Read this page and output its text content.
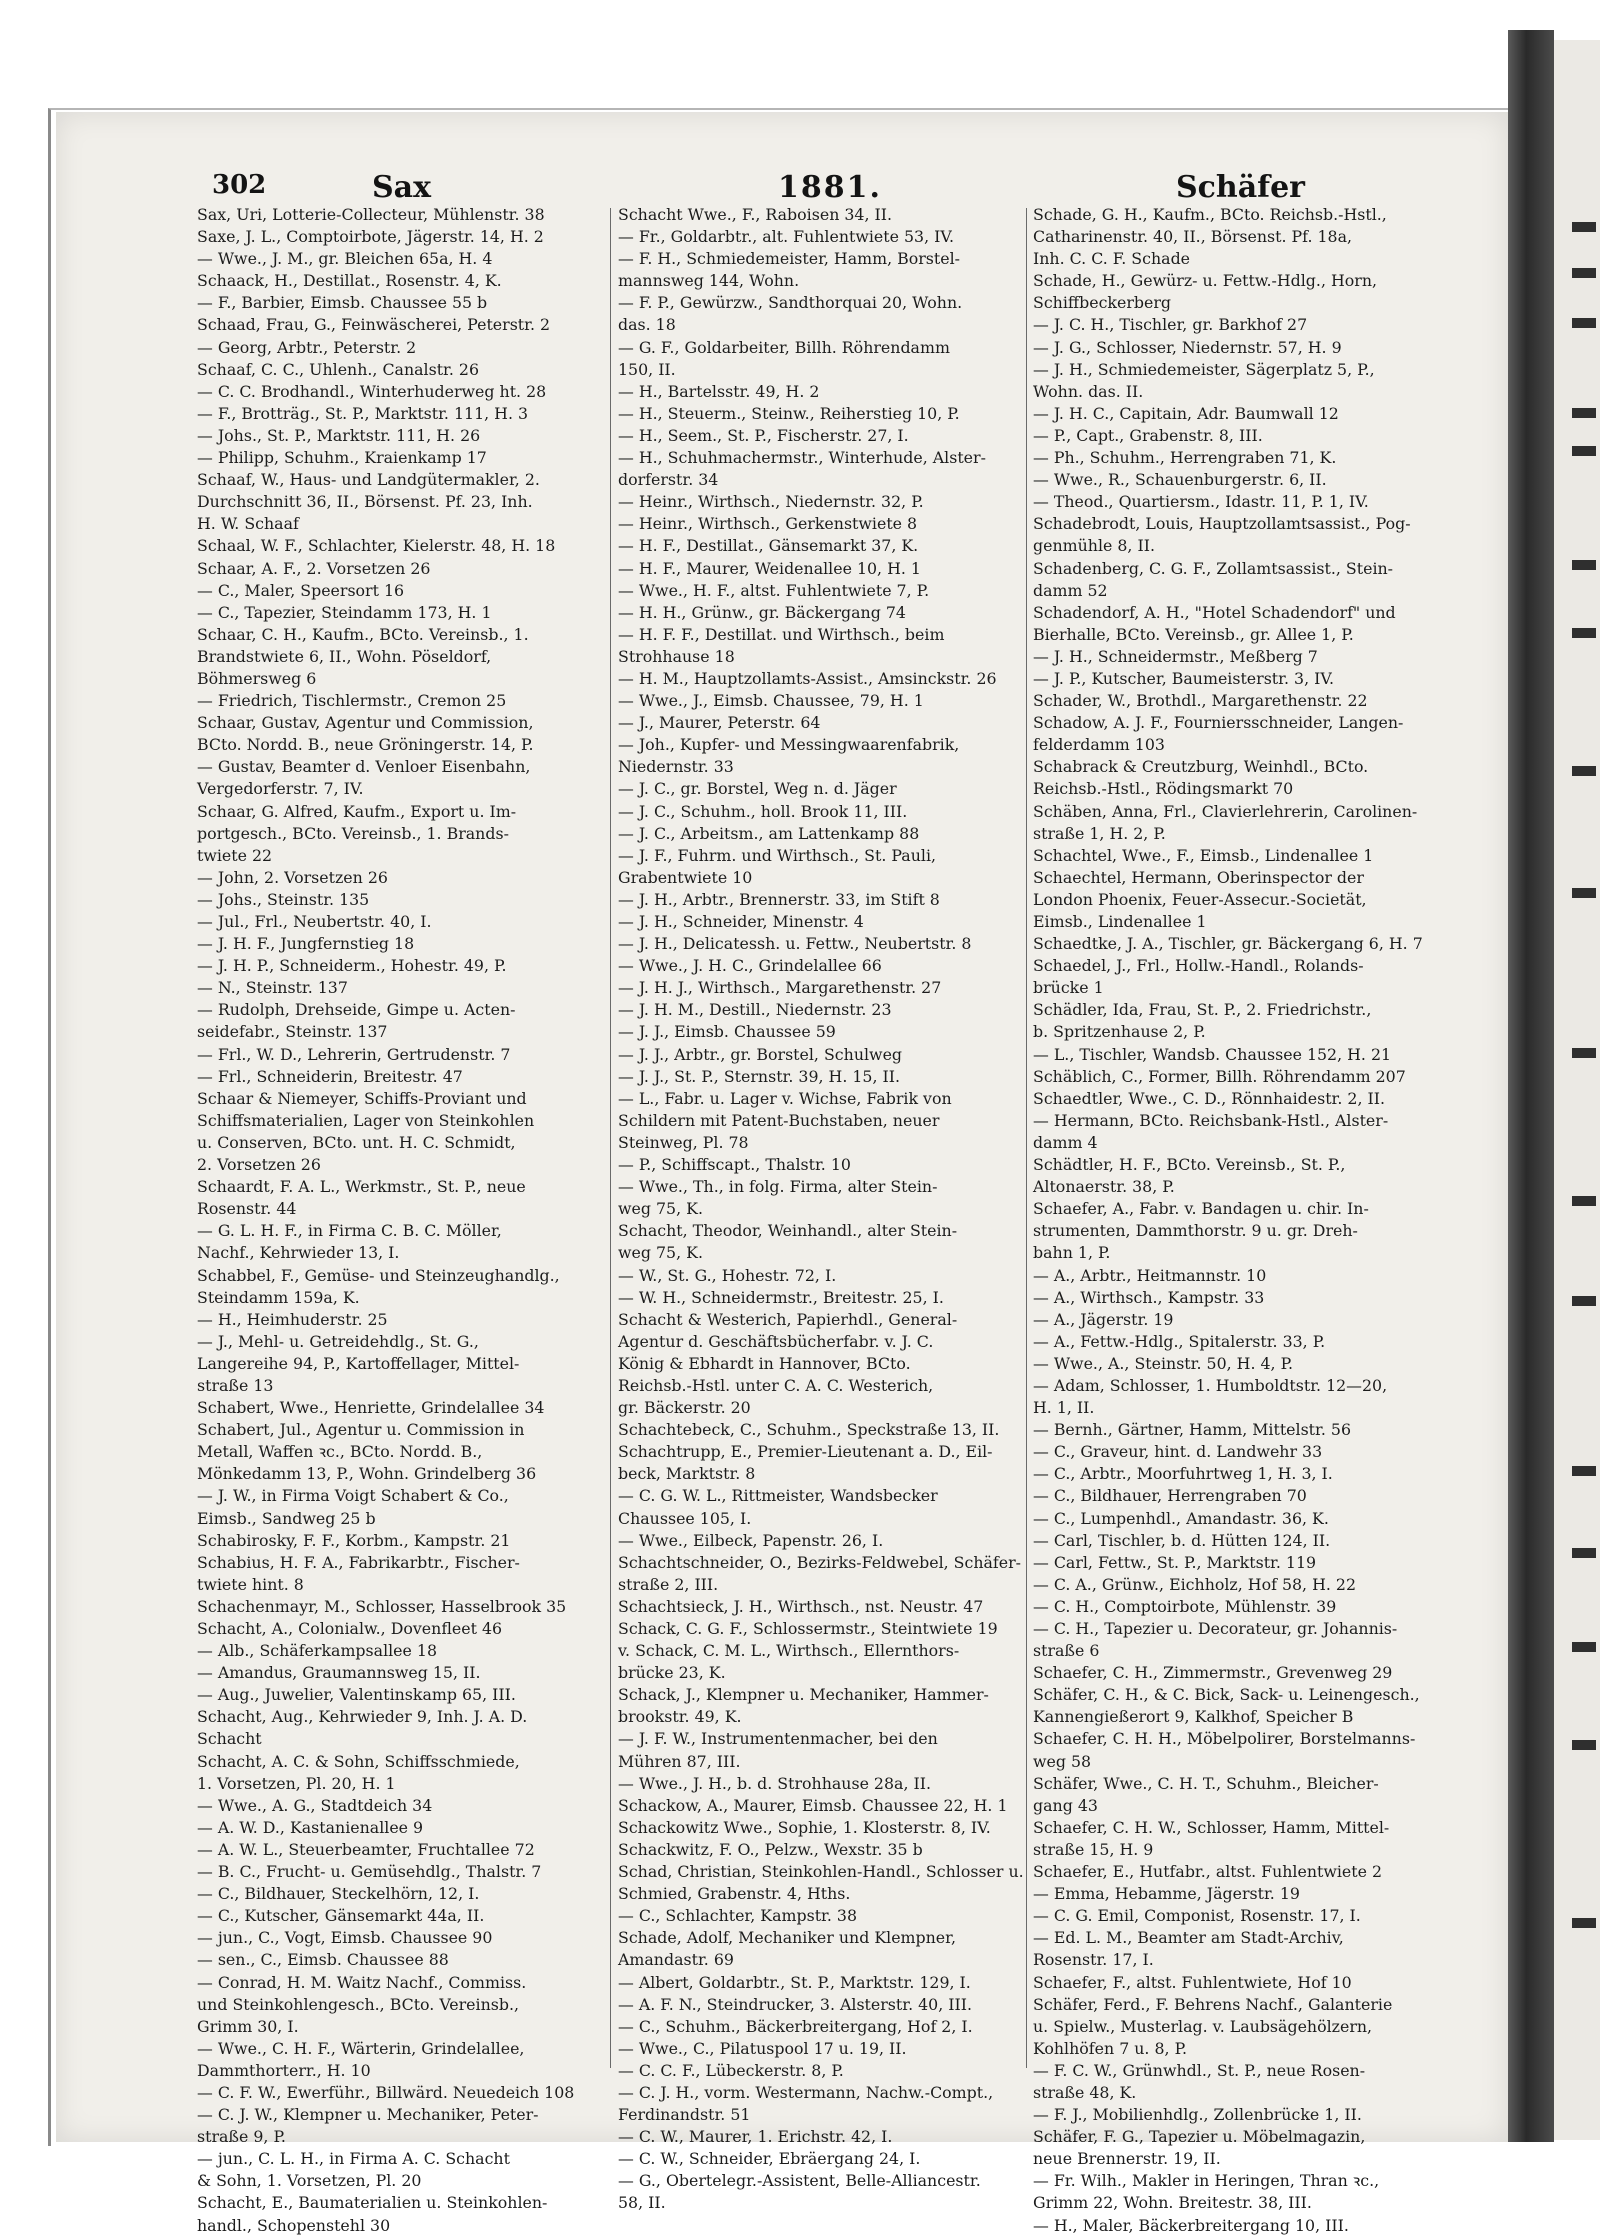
302	Sax	1881.	Schäfer
Sax, Uri, Lotterie-Collecteur, Mühlenstr. 38
Saxe, J. L., Comptoirbote, Jägerstr. 14, H. 2
— Wwe., J. M., gr. Bleichen 65a, H. 4
Schaack, H., Destillat., Rosenstr. 4, K.
— F., Barbier, Eimsb. Chaussee 55 b
Schaad, Frau, G., Feinwäscherei, Peterstr. 2
— Georg, Arbtr., Peterstr. 2
Schaaf, C. C., Uhlenh., Canalstr. 26
— C. C. Brodhandl., Winterhuderweg ht. 28
— F., Brotträg., St. P., Marktstr. 111, H. 3
— Johs., St. P., Marktstr. 111, H. 26
— Philipp, Schuhm., Kraienkamp 17
Schaaf, W., Haus- und Landgütermakler, 2.
Durchschnitt 36, II., Börsenst. Pf. 23, Inh.
H. W. Schaaf
Schaal, W. F., Schlachter, Kielerstr. 48, H. 18
Schaar, A. F., 2. Vorsetzen 26
— C., Maler, Speersort 16
— C., Tapezier, Steindamm 173, H. 1
Schaar, C. H., Kaufm., BCto. Vereinsb., 1.
Brandstwiete 6, II., Wohn. Pöseldorf,
Böhmersweg 6
— Friedrich, Tischlermstr., Cremon 25
Schaar, Gustav, Agentur und Commission,
BCto. Nordd. B., neue Gröningerstr. 14, P.
— Gustav, Beamter d. Venloer Eisenbahn,
Vergedorferstr. 7, IV.
Schaar, G. Alfred, Kaufm., Export u. Im-
portgesch., BCto. Vereinsb., 1. Brands-
twiete 22
— John, 2. Vorsetzen 26
— Johs., Steinstr. 135
— Jul., Frl., Neubertstr. 40, I.
— J. H. F., Jungfernstieg 18
— J. H. P., Schneiderm., Hohestr. 49, P.
— N., Steinstr. 137
— Rudolph, Drehseide, Gimpe u. Acten-
seidefabr., Steinstr. 137
— Frl., W. D., Lehrerin, Gertrudenstr. 7
— Frl., Schneiderin, Breitestr. 47
Schaar & Niemeyer, Schiffs-Proviant und
Schiffsmaterialien, Lager von Steinkohlen
u. Conserven, BCto. unt. H. C. Schmidt,
2. Vorsetzen 26
Schaardt, F. A. L., Werkmstr., St. P., neue
Rosenstr. 44
— G. L. H. F., in Firma C. B. C. Möller,
Nachf., Kehrwieder 13, I.
Schabbel, F., Gemüse- und Steinzeughandlg.,
Steindamm 159a, K.
— H., Heimhuderstr. 25
— J., Mehl- u. Getreidehdlg., St. G.,
Langereihe 94, P., Kartoffellager, Mittel-
straße 13
Schabert, Wwe., Henriette, Grindelallee 34
Schabert, Jul., Agentur u. Commission in
Metall, Waffen ꝛc., BCto. Nordd. B.,
Mönkedamm 13, P., Wohn. Grindelberg 36
— J. W., in Firma Voigt Schabert & Co.,
Eimsb., Sandweg 25 b
Schabirosky, F. F., Korbm., Kampstr. 21
Schabius, H. F. A., Fabrikarbtr., Fischer-
twiete hint. 8
Schachenmayr, M., Schlosser, Hasselbrook 35
Schacht, A., Colonialw., Dovenfleet 46
— Alb., Schäferkampsallee 18
— Amandus, Graumannsweg 15, II.
— Aug., Juwelier, Valentinskamp 65, III.
Schacht, Aug., Kehrwieder 9, Inh. J. A. D.
Schacht
Schacht, A. C. & Sohn, Schiffsschmiede,
1. Vorsetzen, Pl. 20, H. 1
— Wwe., A. G., Stadtdeich 34
— A. W. D., Kastanienallee 9
— A. W. L., Steuerbeamter, Fruchtallee 72
— B. C., Frucht- u. Gemüsehdlg., Thalstr. 7
— C., Bildhauer, Steckelhörn, 12, I.
— C., Kutscher, Gänsemarkt 44a, II.
— jun., C., Vogt, Eimsb. Chaussee 90
— sen., C., Eimsb. Chaussee 88
— Conrad, H. M. Waitz Nachf., Commiss.
und Steinkohlengesch., BCto. Vereinsb.,
Grimm 30, I.
— Wwe., C. H. F., Wärterin, Grindelallee,
Dammthorterr., H. 10
— C. F. W., Ewerführ., Billwärd. Neuedeich 108
— C. J. W., Klempner u. Mechaniker, Peter-
straße 9, P.
— jun., C. L. H., in Firma A. C. Schacht
& Sohn, 1. Vorsetzen, Pl. 20
Schacht, E., Baumaterialien u. Steinkohlen-
handl., Schopenstehl 30
Schacht Wwe., F., Raboisen 34, II.
— Fr., Goldarbtr., alt. Fuhlentwiete 53, IV.
— F. H., Schmiedemeister, Hamm, Borstel-
mannsweg 144, Wohn.
— F. P., Gewürzw., Sandthorquai 20, Wohn.
das. 18
— G. F., Goldarbeiter, Billh. Röhrendamm
150, II.
— H., Bartelsstr. 49, H. 2
— H., Steuerm., Steinw., Reiherstieg 10, P.
— H., Seem., St. P., Fischerstr. 27, I.
— H., Schuhmachermstr., Winterhude, Alster-
dorferstr. 34
— Heinr., Wirthsch., Niedernstr. 32, P.
— Heinr., Wirthsch., Gerkenstwiete 8
— H. F., Destillat., Gänsemarkt 37, K.
— H. F., Maurer, Weidenallee 10, H. 1
— Wwe., H. F., altst. Fuhlentwiete 7, P.
— H. H., Grünw., gr. Bäckergang 74
— H. F. F., Destillat. und Wirthsch., beim
Strohhause 18
— H. M., Hauptzollamts-Assist., Amsinckstr. 26
— Wwe., J., Eimsb. Chaussee, 79, H. 1
— J., Maurer, Peterstr. 64
— Joh., Kupfer- und Messingwaarenfabrik,
Niedernstr. 33
— J. C., gr. Borstel, Weg n. d. Jäger
— J. C., Schuhm., holl. Brook 11, III.
— J. C., Arbeitsm., am Lattenkamp 88
— J. F., Fuhrm. und Wirthsch., St. Pauli,
Grabentwiete 10
— J. H., Arbtr., Brennerstr. 33, im Stift 8
— J. H., Schneider, Minenstr. 4
— J. H., Delicatessh. u. Fettw., Neubertstr. 8
— Wwe., J. H. C., Grindelallee 66
— J. H. J., Wirthsch., Margarethenstr. 27
— J. H. M., Destill., Niedernstr. 23
— J. J., Eimsb. Chaussee 59
— J. J., Arbtr., gr. Borstel, Schulweg
— J. J., St. P., Sternstr. 39, H. 15, II.
— L., Fabr. u. Lager v. Wichse, Fabrik von
Schildern mit Patent-Buchstaben, neuer
Steinweg, Pl. 78
— P., Schiffscapt., Thalstr. 10
— Wwe., Th., in folg. Firma, alter Stein-
weg 75, K.
Schacht, Theodor, Weinhandl., alter Stein-
weg 75, K.
— W., St. G., Hohestr. 72, I.
— W. H., Schneidermstr., Breitestr. 25, I.
Schacht & Westerich, Papierhdl., General-
Agentur d. Geschäftsbücherfabr. v. J. C.
König & Ebhardt in Hannover, BCto.
Reichsb.-Hstl. unter C. A. C. Westerich,
gr. Bäckerstr. 20
Schachtebeck, C., Schuhm., Speckstraße 13, II.
Schachtrupp, E., Premier-Lieutenant a. D., Eil-
beck, Marktstr. 8
— C. G. W. L., Rittmeister, Wandsbecker
Chaussee 105, I.
— Wwe., Eilbeck, Papenstr. 26, I.
Schachtschneider, O., Bezirks-Feldwebel, Schäfer-
straße 2, III.
Schachtsieck, J. H., Wirthsch., nst. Neustr. 47
Schack, C. G. F., Schlossermstr., Steintwiete 19
v. Schack, C. M. L., Wirthsch., Ellernthors-
brücke 23, K.
Schack, J., Klempner u. Mechaniker, Hammer-
brookstr. 49, K.
— J. F. W., Instrumentenmacher, bei den
Mühren 87, III.
— Wwe., J. H., b. d. Strohhause 28a, II.
Schackow, A., Maurer, Eimsb. Chaussee 22, H. 1
Schackowitz Wwe., Sophie, 1. Klosterstr. 8, IV.
Schackwitz, F. O., Pelzw., Wexstr. 35 b
Schad, Christian, Steinkohlen-Handl., Schlosser u.
Schmied, Grabenstr. 4, Hths.
— C., Schlachter, Kampstr. 38
Schade, Adolf, Mechaniker und Klempner,
Amandastr. 69
— Albert, Goldarbtr., St. P., Marktstr. 129, I.
— A. F. N., Steindrucker, 3. Alsterstr. 40, III.
— C., Schuhm., Bäckerbreitergang, Hof 2, I.
— Wwe., C., Pilatuspool 17 u. 19, II.
— C. C. F., Lübeckerstr. 8, P.
— C. J. H., vorm. Westermann, Nachw.-Compt.,
Ferdinandstr. 51
— C. W., Maurer, 1. Erichstr. 42, I.
— C. W., Schneider, Ebräergang 24, I.
— G., Obertelegr.-Assistent, Belle-Alliancestr.
58, II.
Schade, G. H., Kaufm., BCto. Reichsb.-Hstl.,
Catharinenstr. 40, II., Börsenst. Pf. 18a,
Inh. C. C. F. Schade
Schade, H., Gewürz- u. Fettw.-Hdlg., Horn,
Schiffbeckerberg
— J. C. H., Tischler, gr. Barkhof 27
— J. G., Schlosser, Niedernstr. 57, H. 9
— J. H., Schmiedemeister, Sägerplatz 5, P.,
Wohn. das. II.
— J. H. C., Capitain, Adr. Baumwall 12
— P., Capt., Grabenstr. 8, III.
— Ph., Schuhm., Herrengraben 71, K.
— Wwe., R., Schauenburgerstr. 6, II.
— Theod., Quartiersm., Idastr. 11, P. 1, IV.
Schadebrodt, Louis, Hauptzollamtsassist., Pog-
genmühle 8, II.
Schadenberg, C. G. F., Zollamtsassist., Stein-
damm 52
Schadendorf, A. H., "Hotel Schadendorf" und
Bierhalle, BCto. Vereinsb., gr. Allee 1, P.
— J. H., Schneidermstr., Meßberg 7
— J. P., Kutscher, Baumeisterstr. 3, IV.
Schader, W., Brothdl., Margarethenstr. 22
Schadow, A. J. F., Fourniersschneider, Langen-
felderdamm 103
Schabrack & Creutzburg, Weinhdl., BCto.
Reichsb.-Hstl., Rödingsmarkt 70
Schäben, Anna, Frl., Clavierlehrerin, Carolinen-
straße 1, H. 2, P.
Schachtel, Wwe., F., Eimsb., Lindenallee 1
Schaechtel, Hermann, Oberinspector der
London Phoenix, Feuer-Assecur.-Societät,
Eimsb., Lindenallee 1
Schaedtke, J. A., Tischler, gr. Bäckergang 6, H. 7
Schaedel, J., Frl., Hollw.-Handl., Rolands-
brücke 1
Schädler, Ida, Frau, St. P., 2. Friedrichstr.,
b. Spritzenhause 2, P.
— L., Tischler, Wandsb. Chaussee 152, H. 21
Schäblich, C., Former, Billh. Röhrendamm 207
Schaedtler, Wwe., C. D., Rönnhaidestr. 2, II.
— Hermann, BCto. Reichsbank-Hstl., Alster-
damm 4
Schädtler, H. F., BCto. Vereinsb., St. P.,
Altonaerstr. 38, P.
Schaefer, A., Fabr. v. Bandagen u. chir. In-
strumenten, Dammthorstr. 9 u. gr. Dreh-
bahn 1, P.
— A., Arbtr., Heitmannstr. 10
— A., Wirthsch., Kampstr. 33
— A., Jägerstr. 19
— A., Fettw.-Hdlg., Spitalerstr. 33, P.
— Wwe., A., Steinstr. 50, H. 4, P.
— Adam, Schlosser, 1. Humboldtstr. 12—20,
H. 1, II.
— Bernh., Gärtner, Hamm, Mittelstr. 56
— C., Graveur, hint. d. Landwehr 33
— C., Arbtr., Moorfuhrtweg 1, H. 3, I.
— C., Bildhauer, Herrengraben 70
— C., Lumpenhdl., Amandastr. 36, K.
— Carl, Tischler, b. d. Hütten 124, II.
— Carl, Fettw., St. P., Marktstr. 119
— C. A., Grünw., Eichholz, Hof 58, H. 22
— C. H., Comptoirbote, Mühlenstr. 39
— C. H., Tapezier u. Decorateur, gr. Johannis-
straße 6
Schaefer, C. H., Zimmermstr., Grevenweg 29
Schäfer, C. H., & C. Bick, Sack- u. Leinengesch.,
Kannengießerort 9, Kalkhof, Speicher B
Schaefer, C. H. H., Möbelpolirer, Borstelmanns-
weg 58
Schäfer, Wwe., C. H. T., Schuhm., Bleicher-
gang 43
Schaefer, C. H. W., Schlosser, Hamm, Mittel-
straße 15, H. 9
Schaefer, E., Hutfabr., altst. Fuhlentwiete 2
— Emma, Hebamme, Jägerstr. 19
— C. G. Emil, Componist, Rosenstr. 17, I.
— Ed. L. M., Beamter am Stadt-Archiv,
Rosenstr. 17, I.
Schaefer, F., altst. Fuhlentwiete, Hof 10
Schäfer, Ferd., F. Behrens Nachf., Galanterie
u. Spielw., Musterlag. v. Laubsägehölzern,
Kohlhöfen 7 u. 8, P.
— F. C. W., Grünwhdl., St. P., neue Rosen-
straße 48, K.
— F. J., Mobilienhdlg., Zollenbrücke 1, II.
Schäfer, F. G., Tapezier u. Möbelmagazin,
neue Brennerstr. 19, II.
— Fr. Wilh., Makler in Heringen, Thran ꝛc.,
Grimm 22, Wohn. Breitestr. 38, III.
— H., Maler, Bäckerbreitergang 10, III.
